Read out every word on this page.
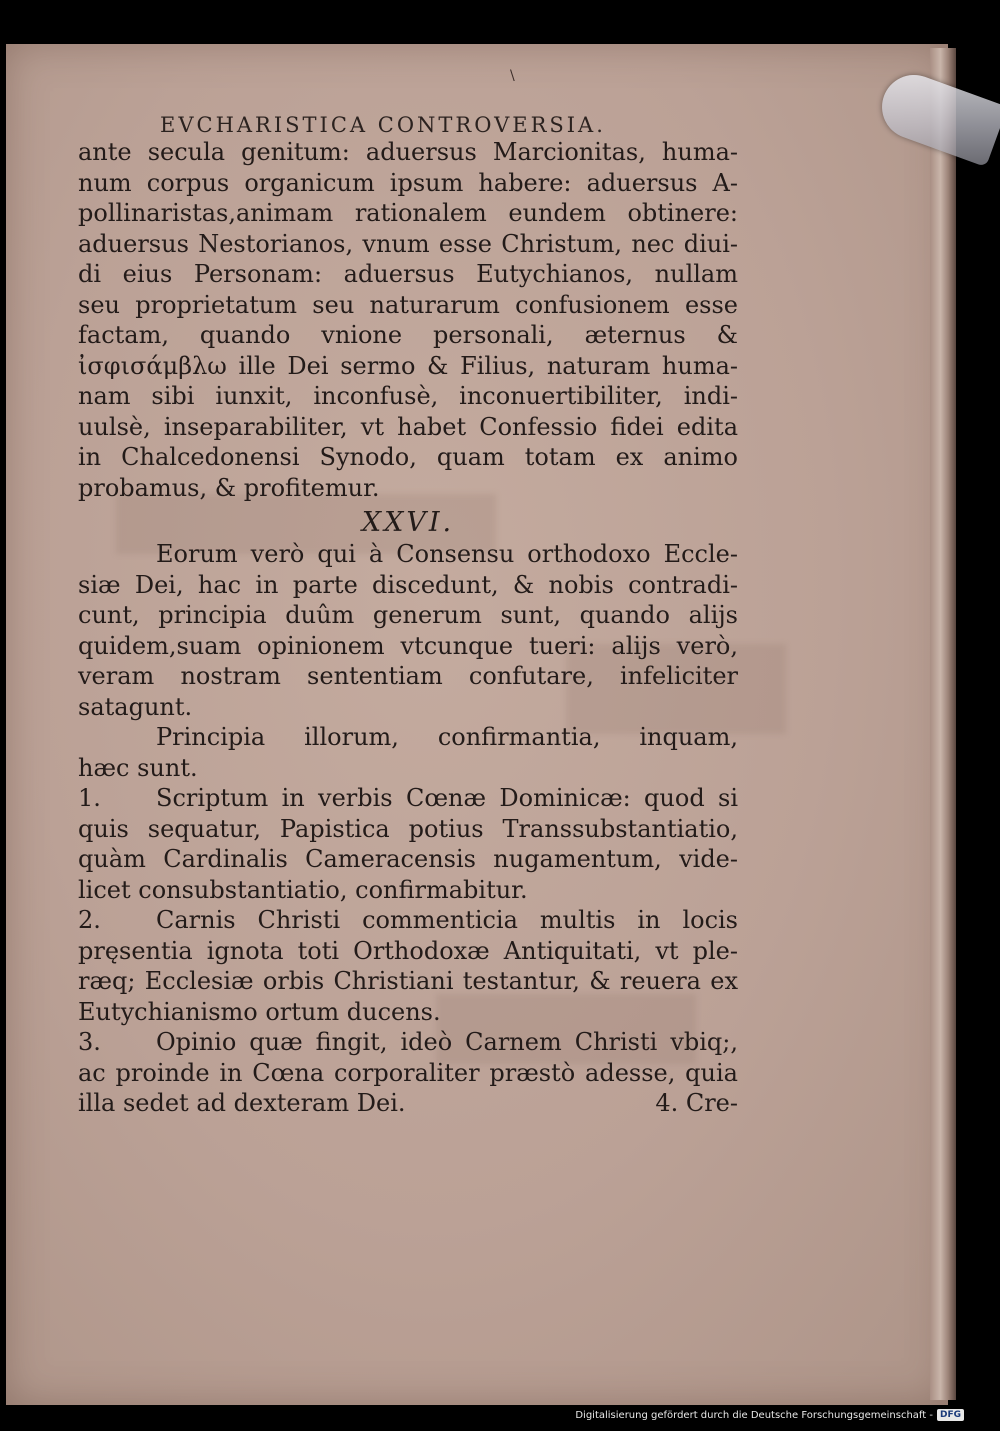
\
EVCHARISTICA CONTROVERSIA.
ante secula genitum: aduersus Marcionitas, huma-
num corpus organicum ipsum habere: aduersus A-
pollinaristas,animam rationalem eundem obtinere:
aduersus Nestorianos, vnum esse Christum, nec diui-
di eius Personam: aduersus Eutychianos, nullam
seu proprietatum seu naturarum confusionem esse
factam, quando vnione personali, æternus &
ἰσφισάμβλω ille Dei sermo & Filius, naturam huma-
nam sibi iunxit, inconfusè, inconuertibiliter, indi-
uulsè, inseparabiliter, vt habet Confessio fidei edita
in Chalcedonensi Synodo, quam totam ex animo
probamus, & profitemur.
XXVI.
Eorum verò qui à Consensu orthodoxo Eccle-
siæ Dei, hac in parte discedunt, & nobis contradi-
cunt, principia duûm generum sunt, quando alijs
quidem,suam opinionem vtcunque tueri: alijs verò,
veram nostram sententiam confutare, infeliciter
satagunt.
Principia illorum, confirmantia, inquam,
hæc sunt.
1.	Scriptum in verbis Cœnæ Dominicæ: quod si
quis sequatur, Papistica potius Transsubstantiatio,
quàm Cardinalis Cameracensis nugamentum, vide-
licet consubstantiatio, confirmabitur.
2.	Carnis Christi commenticia multis in locis
pręsentia ignota toti Orthodoxæ Antiquitati, vt ple-
ræq; Ecclesiæ orbis Christiani testantur, & reuera ex
Eutychianismo ortum ducens.
3.	Opinio quæ fingit, ideò Carnem Christi vbiq;,
ac proinde in Cœna corporaliter præstò adesse, quia
illa sedet ad dexteram Dei.	4. Cre-
Digitalisierung gefördert durch die Deutsche Forschungsgemeinschaft - DFG
